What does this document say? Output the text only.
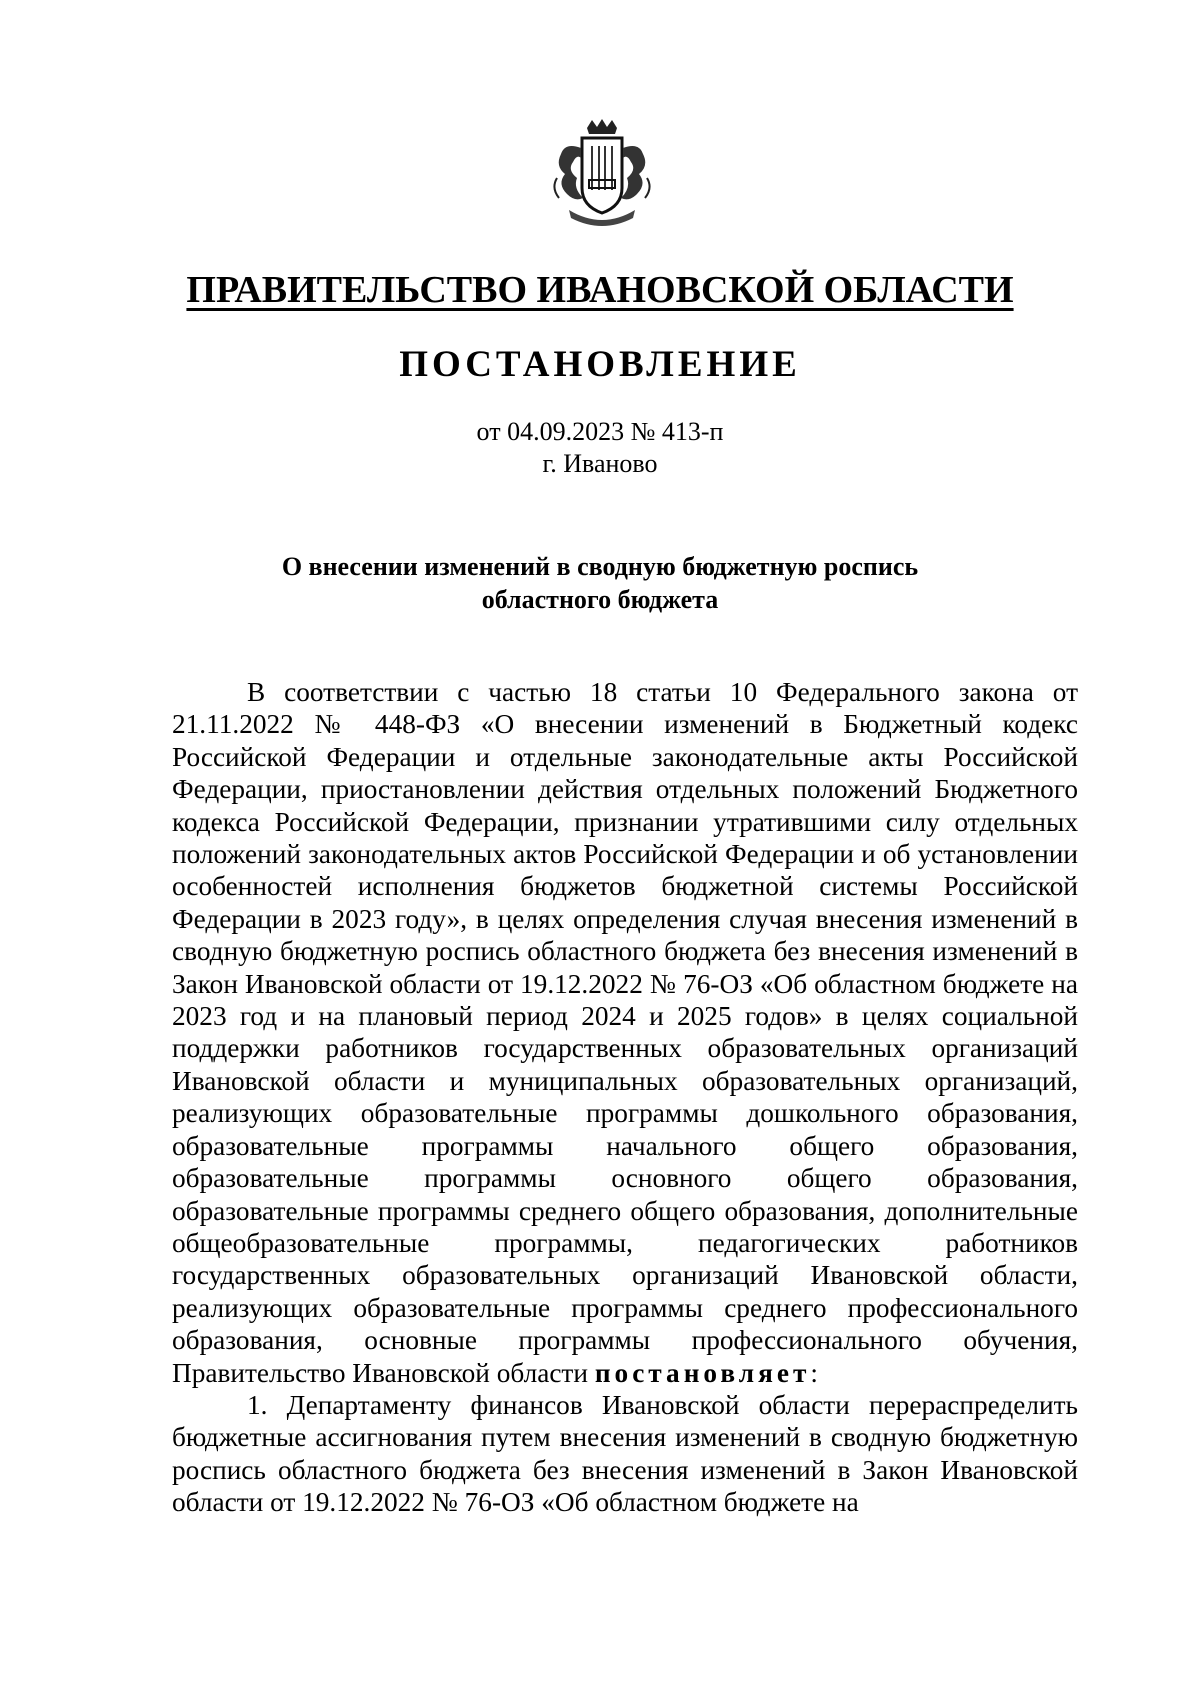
ПРАВИТЕЛЬСТВО ИВАНОВСКОЙ ОБЛАСТИ
ПОСТАНОВЛЕНИЕ
от 04.09.2023 № 413-п
г. Иваново
О внесении изменений в сводную бюджетную роспись
областного бюджета

В соответствии с частью 18 статьи 10 Федерального закона от 21.11.2022 № 448-ФЗ «О внесении изменений в Бюджетный кодекс Российской Федерации и отдельные законодательные акты Российской Федерации, приостановлении действия отдельных положений Бюджетного кодекса Российской Федерации, признании утратившими силу отдельных положений законодательных актов Российской Федерации и об установлении особенностей исполнения бюджетов бюджетной системы Российской Федерации в 2023 году», в целях определения случая внесения изменений в сводную бюджетную роспись областного бюджета без внесения изменений в Закон Ивановской области от 19.12.2022 № 76-ОЗ «Об областном бюджете на 2023 год и на плановый период 2024 и 2025 годов» в целях социальной поддержки работников государственных образовательных организаций Ивановской области и муниципальных образовательных организаций, реализующих образовательные программы дошкольного образования, образовательные программы начального общего образования, образовательные программы основного общего образования, образовательные программы среднего общего образования, дополнительные общеобразовательные программы, педагогических работников государственных образовательных организаций Ивановской области, реализующих образовательные программы среднего профессионального образования, основные программы профессионального обучения, Правительство Ивановской области постановляет:

1. Департаменту финансов Ивановской области перераспределить бюджетные ассигнования путем внесения изменений в сводную бюджетную роспись областного бюджета без внесения изменений в Закон Ивановской области от 19.12.2022 № 76-ОЗ «Об областном бюджете на
